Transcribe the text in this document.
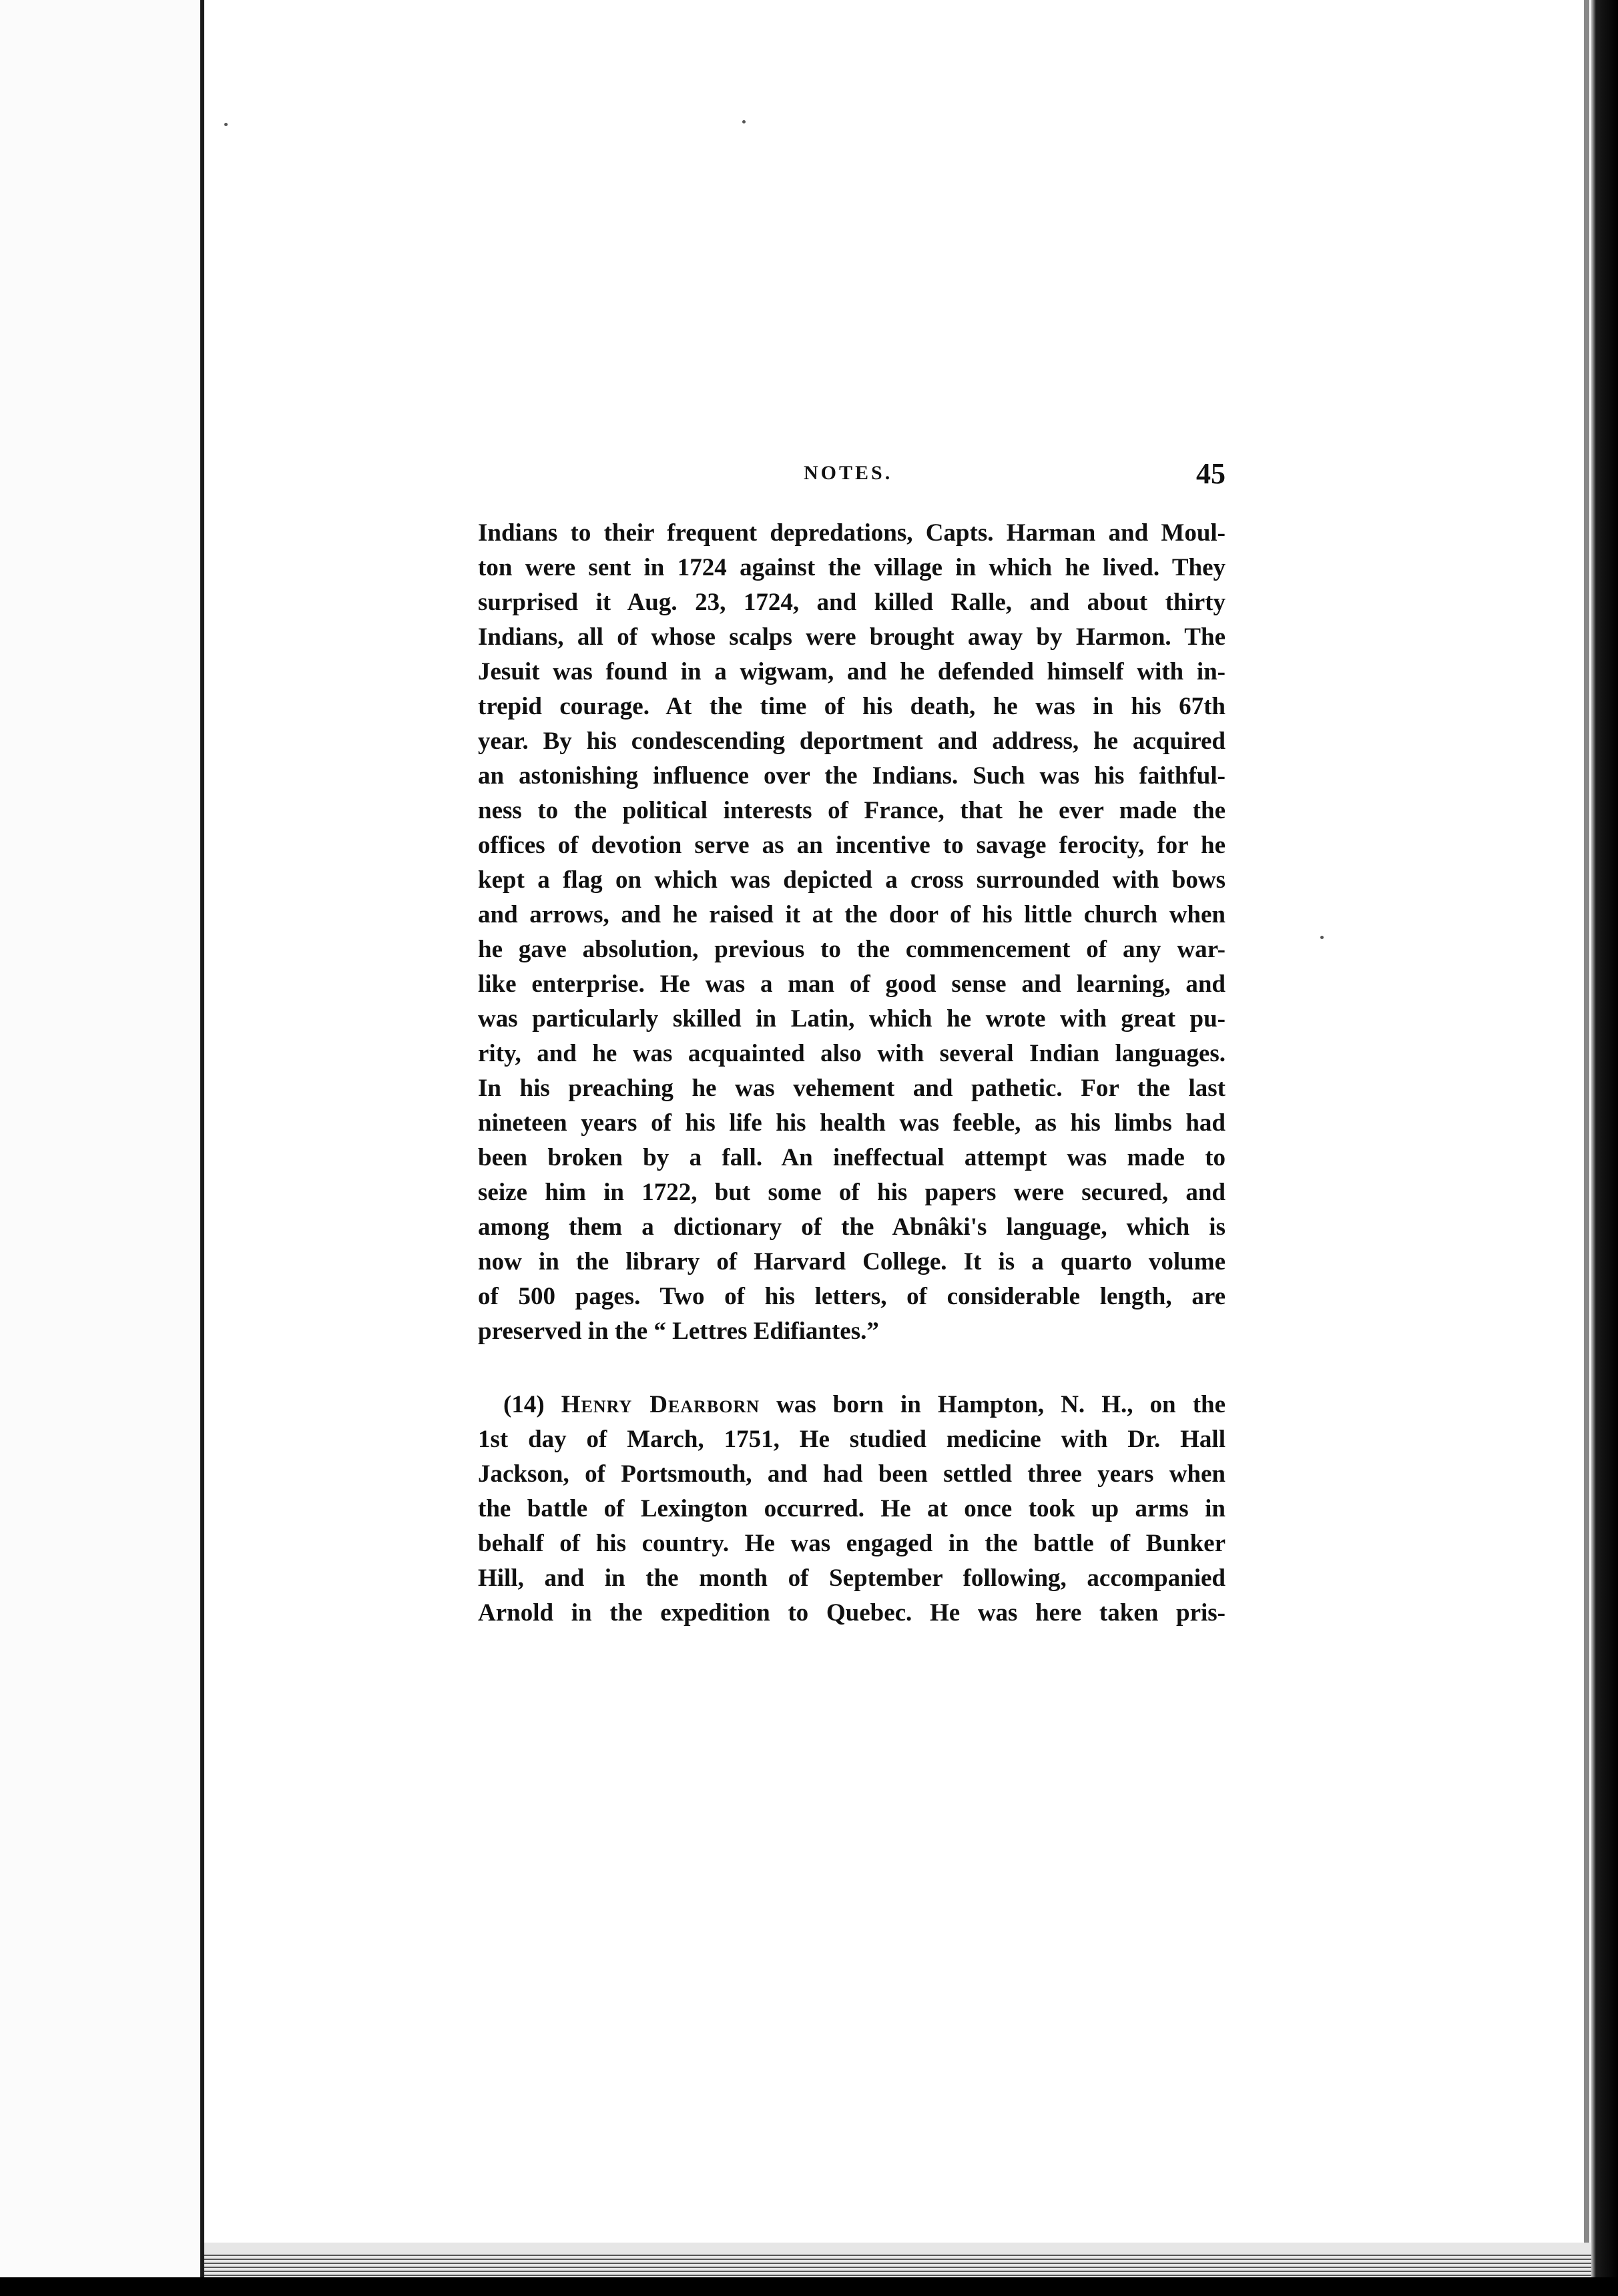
NOTES.	45
Indians to their frequent depredations, Capts. Harman and Moul-
ton were sent in 1724 against the village in which he lived. They
surprised it Aug. 23, 1724, and killed Ralle, and about thirty
Indians, all of whose scalps were brought away by Harmon. The
Jesuit was found in a wigwam, and he defended himself with in-
trepid courage. At the time of his death, he was in his 67th
year. By his condescending deportment and address, he acquired
an astonishing influence over the Indians. Such was his faithful-
ness to the political interests of France, that he ever made the
offices of devotion serve as an incentive to savage ferocity, for he
kept a flag on which was depicted a cross surrounded with bows
and arrows, and he raised it at the door of his little church when
he gave absolution, previous to the commencement of any war-
like enterprise. He was a man of good sense and learning, and
was particularly skilled in Latin, which he wrote with great pu-
rity, and he was acquainted also with several Indian languages.
In his preaching he was vehement and pathetic. For the last
nineteen years of his life his health was feeble, as his limbs had
been broken by a fall. An ineffectual attempt was made to
seize him in 1722, but some of his papers were secured, and
among them a dictionary of the Abnâki's language, which is
now in the library of Harvard College. It is a quarto volume
of 500 pages. Two of his letters, of considerable length, are
preserved in the “ Lettres Edifiantes.”
(14) Henry Dearborn was born in Hampton, N. H., on the
1st day of March, 1751, He studied medicine with Dr. Hall
Jackson, of Portsmouth, and had been settled three years when
the battle of Lexington occurred. He at once took up arms in
behalf of his country. He was engaged in the battle of Bunker
Hill, and in the month of September following, accompanied
Arnold in the expedition to Quebec. He was here taken pris-
